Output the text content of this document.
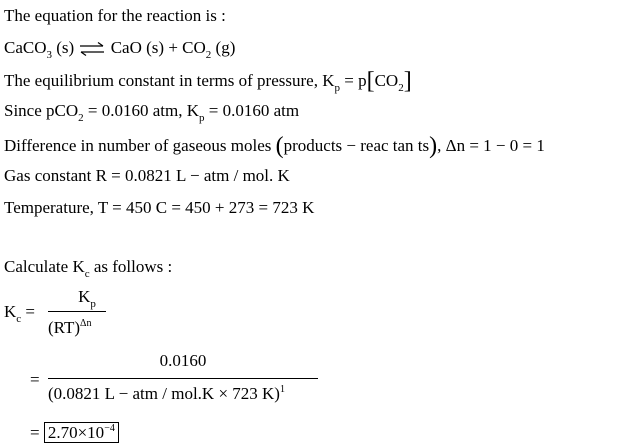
The equation for the reaction is :
CaCO$_3$ (s) ⇌ CaO $(s) + CO_2$ (g)
The equilibrium constant in terms of pressure, $K_p = p[CO_2]$
Since pCO$_2$ = 0.0160 atm, $K_p = 0.0160$ atm
Difference in number of gaseous moles (products − reac tan ts), Δn = 1 − 0 = 1
Gas constant R = 0.0821 L − atm / mol. K
Temperature, T = 450 C = 450 + 273 = 723 K
Calculate $K_c$ as follows :
$K_c$ =
$K_p$
(RT)$^{\Delta n}$
=
0.0160
(0.0821 L − atm / mol.K × 723 K)$^1$
= $2.70\times 10^{-4}$
